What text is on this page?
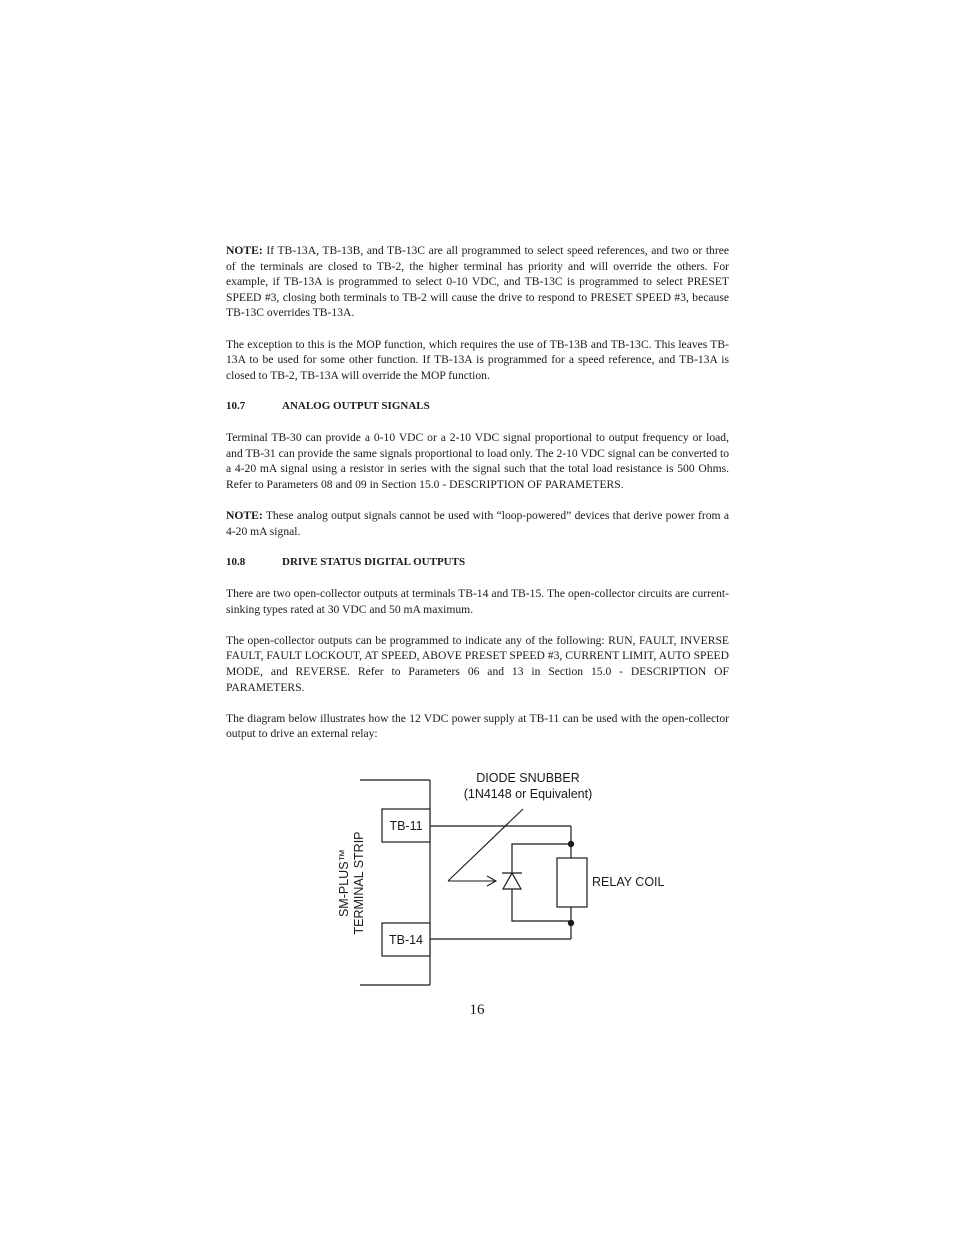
NOTE: If TB-13A, TB-13B, and TB-13C are all programmed to select speed references, and two or three of the terminals are closed to TB-2, the higher terminal has priority and will override the others. For example, if TB-13A is programmed to select 0-10 VDC, and TB-13C is programmed to select PRESET SPEED #3, closing both terminals to TB-2 will cause the drive to respond to PRESET SPEED #3, because TB-13C overrides TB-13A.

The exception to this is the MOP function, which requires the use of TB-13B and TB-13C. This leaves TB-13A to be used for some other function. If TB-13A is programmed for a speed reference, and TB-13A is closed to TB-2, TB-13A will override the MOP function.

10.7	ANALOG OUTPUT SIGNALS

Terminal TB-30 can provide a 0-10 VDC or a 2-10 VDC signal proportional to output frequency or load, and TB-31 can provide the same signals proportional to load only. The 2-10 VDC signal can be converted to a 4-20 mA signal using a resistor in series with the signal such that the total load resistance is 500 Ohms. Refer to Parameters 08 and 09 in Section 15.0 - DESCRIPTION OF PARAMETERS.

NOTE: These analog output signals cannot be used with “loop-powered” devices that derive power from a 4-20 mA signal.

10.8	DRIVE STATUS DIGITAL OUTPUTS

There are two open-collector outputs at terminals TB-14 and TB-15. The open-collector circuits are current-sinking types rated at 30 VDC and 50 mA maximum.

The open-collector outputs can be programmed to indicate any of the following: RUN, FAULT, INVERSE FAULT, FAULT LOCKOUT, AT SPEED, ABOVE PRESET SPEED #3, CURRENT LIMIT, AUTO SPEED MODE, and REVERSE. Refer to Parameters 06 and 13 in Section 15.0 - DESCRIPTION OF PARAMETERS.

The diagram below illustrates how the 12 VDC power supply at TB-11 can be used with the open-collector output to drive an external relay:

TB-11
TB-14
SM-PLUS™ TERMINAL STRIP	RELAY COIL
DIODE SNUBBER
(1N4148 or Equivalent)
16
